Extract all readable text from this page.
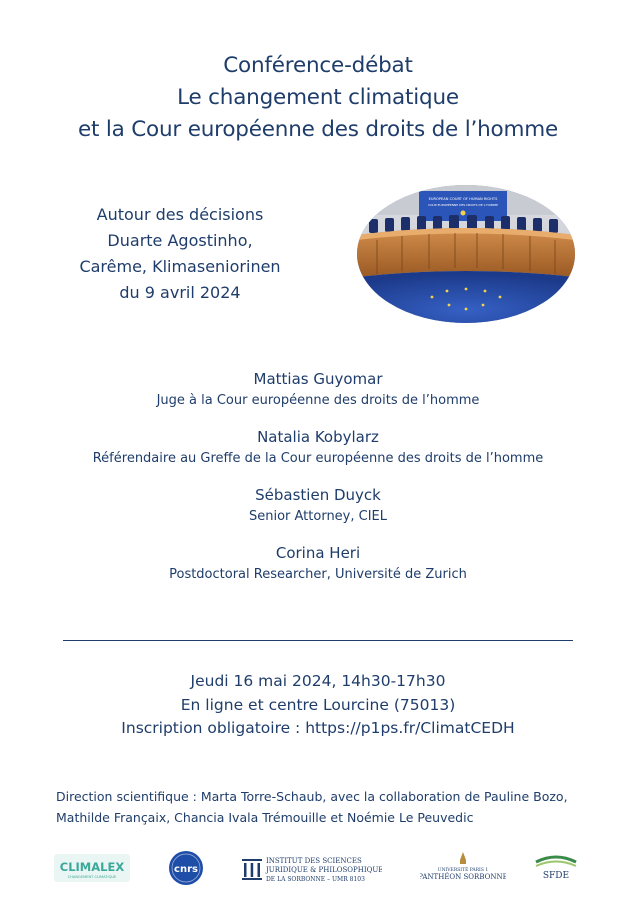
Conférence-débat
Le changement climatique
et la Cour européenne des droits de l’homme
Autour des décisions
Duarte Agostinho,
Carême, Klimaseniorinen
du 9 avril 2024
EUROPEAN COURT OF HUMAN RIGHTS
COUR EUROPÉENNE DES DROITS DE L’HOMME
Mattias Guyomar
Juge à la Cour européenne des droits de l’homme
Natalia Kobylarz
Référendaire au Greffe de la Cour européenne des droits de l’homme
Sébastien Duyck
Senior Attorney, CIEL
Corina Heri
Postdoctoral Researcher, Université de Zurich
Jeudi 16 mai 2024, 14h30-17h30
En ligne et centre Lourcine (75013)
Inscription obligatoire : https://p1ps.fr/ClimatCEDH
Direction scientifique : Marta Torre-Schaub, avec la collaboration de Pauline Bozo,
Mathilde Françaix, Chancia Ivala Trémouille et Noémie Le Peuvedic
CLIMALEX
CHANGEMENT CLIMATIQUE
cnrs
INSTITUT DES SCIENCES
JURIDIQUE & PHILOSOPHIQUE
DE LA SORBONNE – UMR 8103
UNIVERSITÉ PARIS 1
PANTHÉON SORBONNE	SFDE
